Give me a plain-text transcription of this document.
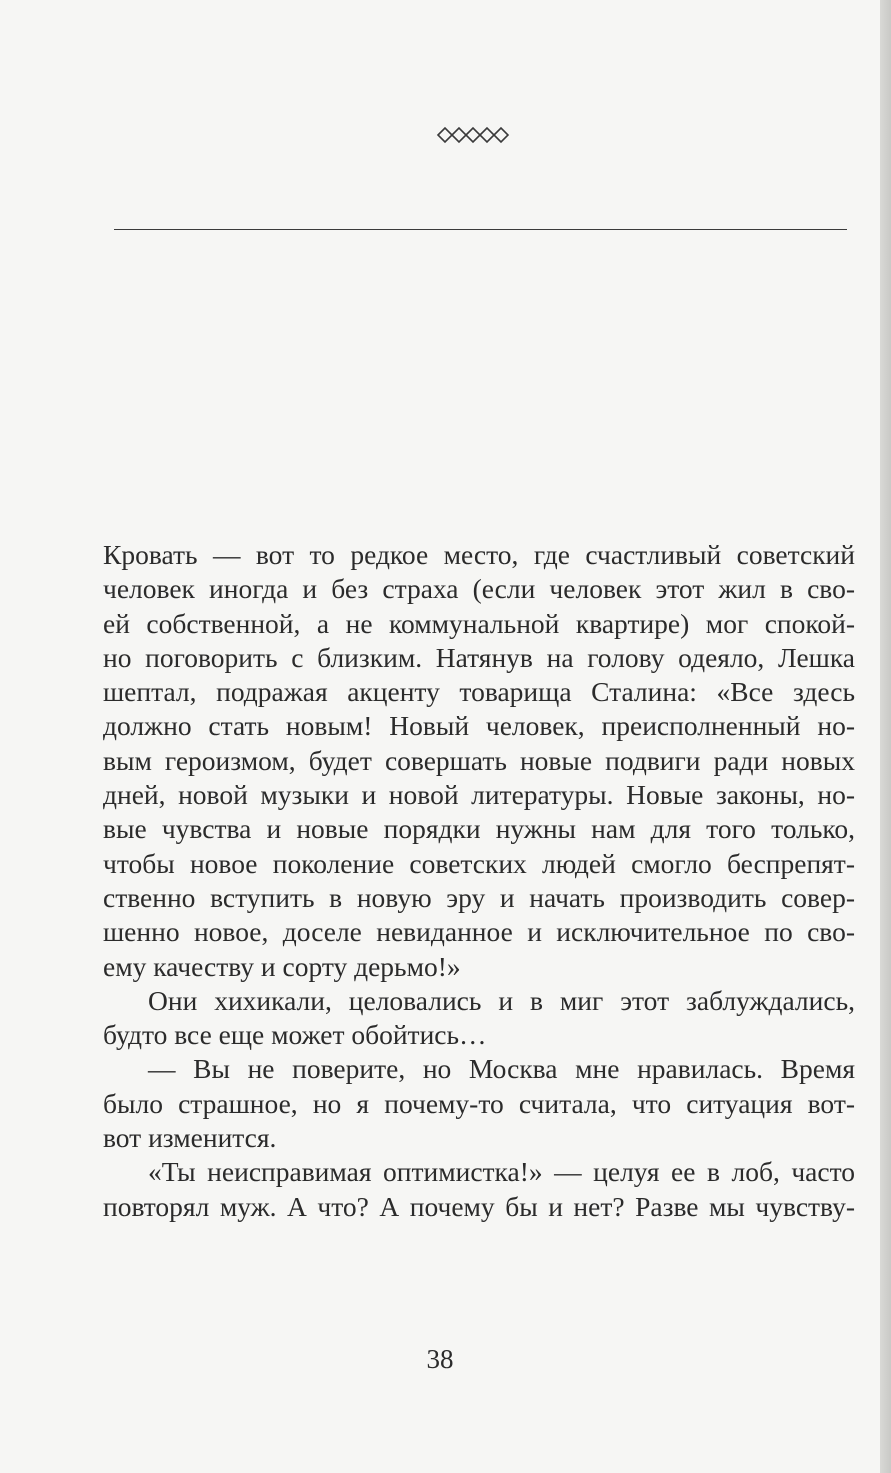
Кровать — вот то редкое место, где счастливый советский
человек иногда и без страха (если человек этот жил в сво-
ей собственной, а не коммунальной квартире) мог спокой-
но поговорить с близким. Натянув на голову одеяло, Лешка
шептал, подражая акценту товарища Сталина: «Все здесь
должно стать новым! Новый человек, преисполненный но-
вым героизмом, будет совершать новые подвиги ради новых
дней, новой музыки и новой литературы. Новые законы, но-
вые чувства и новые порядки нужны нам для того только,
чтобы новое поколение советских людей смогло беспрепят-
ственно вступить в новую эру и начать производить совер-
шенно новое, доселе невиданное и исключительное по сво-
ему качеству и сорту дерьмо!»
Они хихикали, целовались и в миг этот заблуждались,
будто все еще может обойтись…
— Вы не поверите, но Москва мне нравилась. Время
было страшное, но я почему-то считала, что ситуация вот-
вот изменится.
«Ты неисправимая оптимистка!» — целуя ее в лоб, часто
повторял муж. А что? А почему бы и нет? Разве мы чувству-
38
